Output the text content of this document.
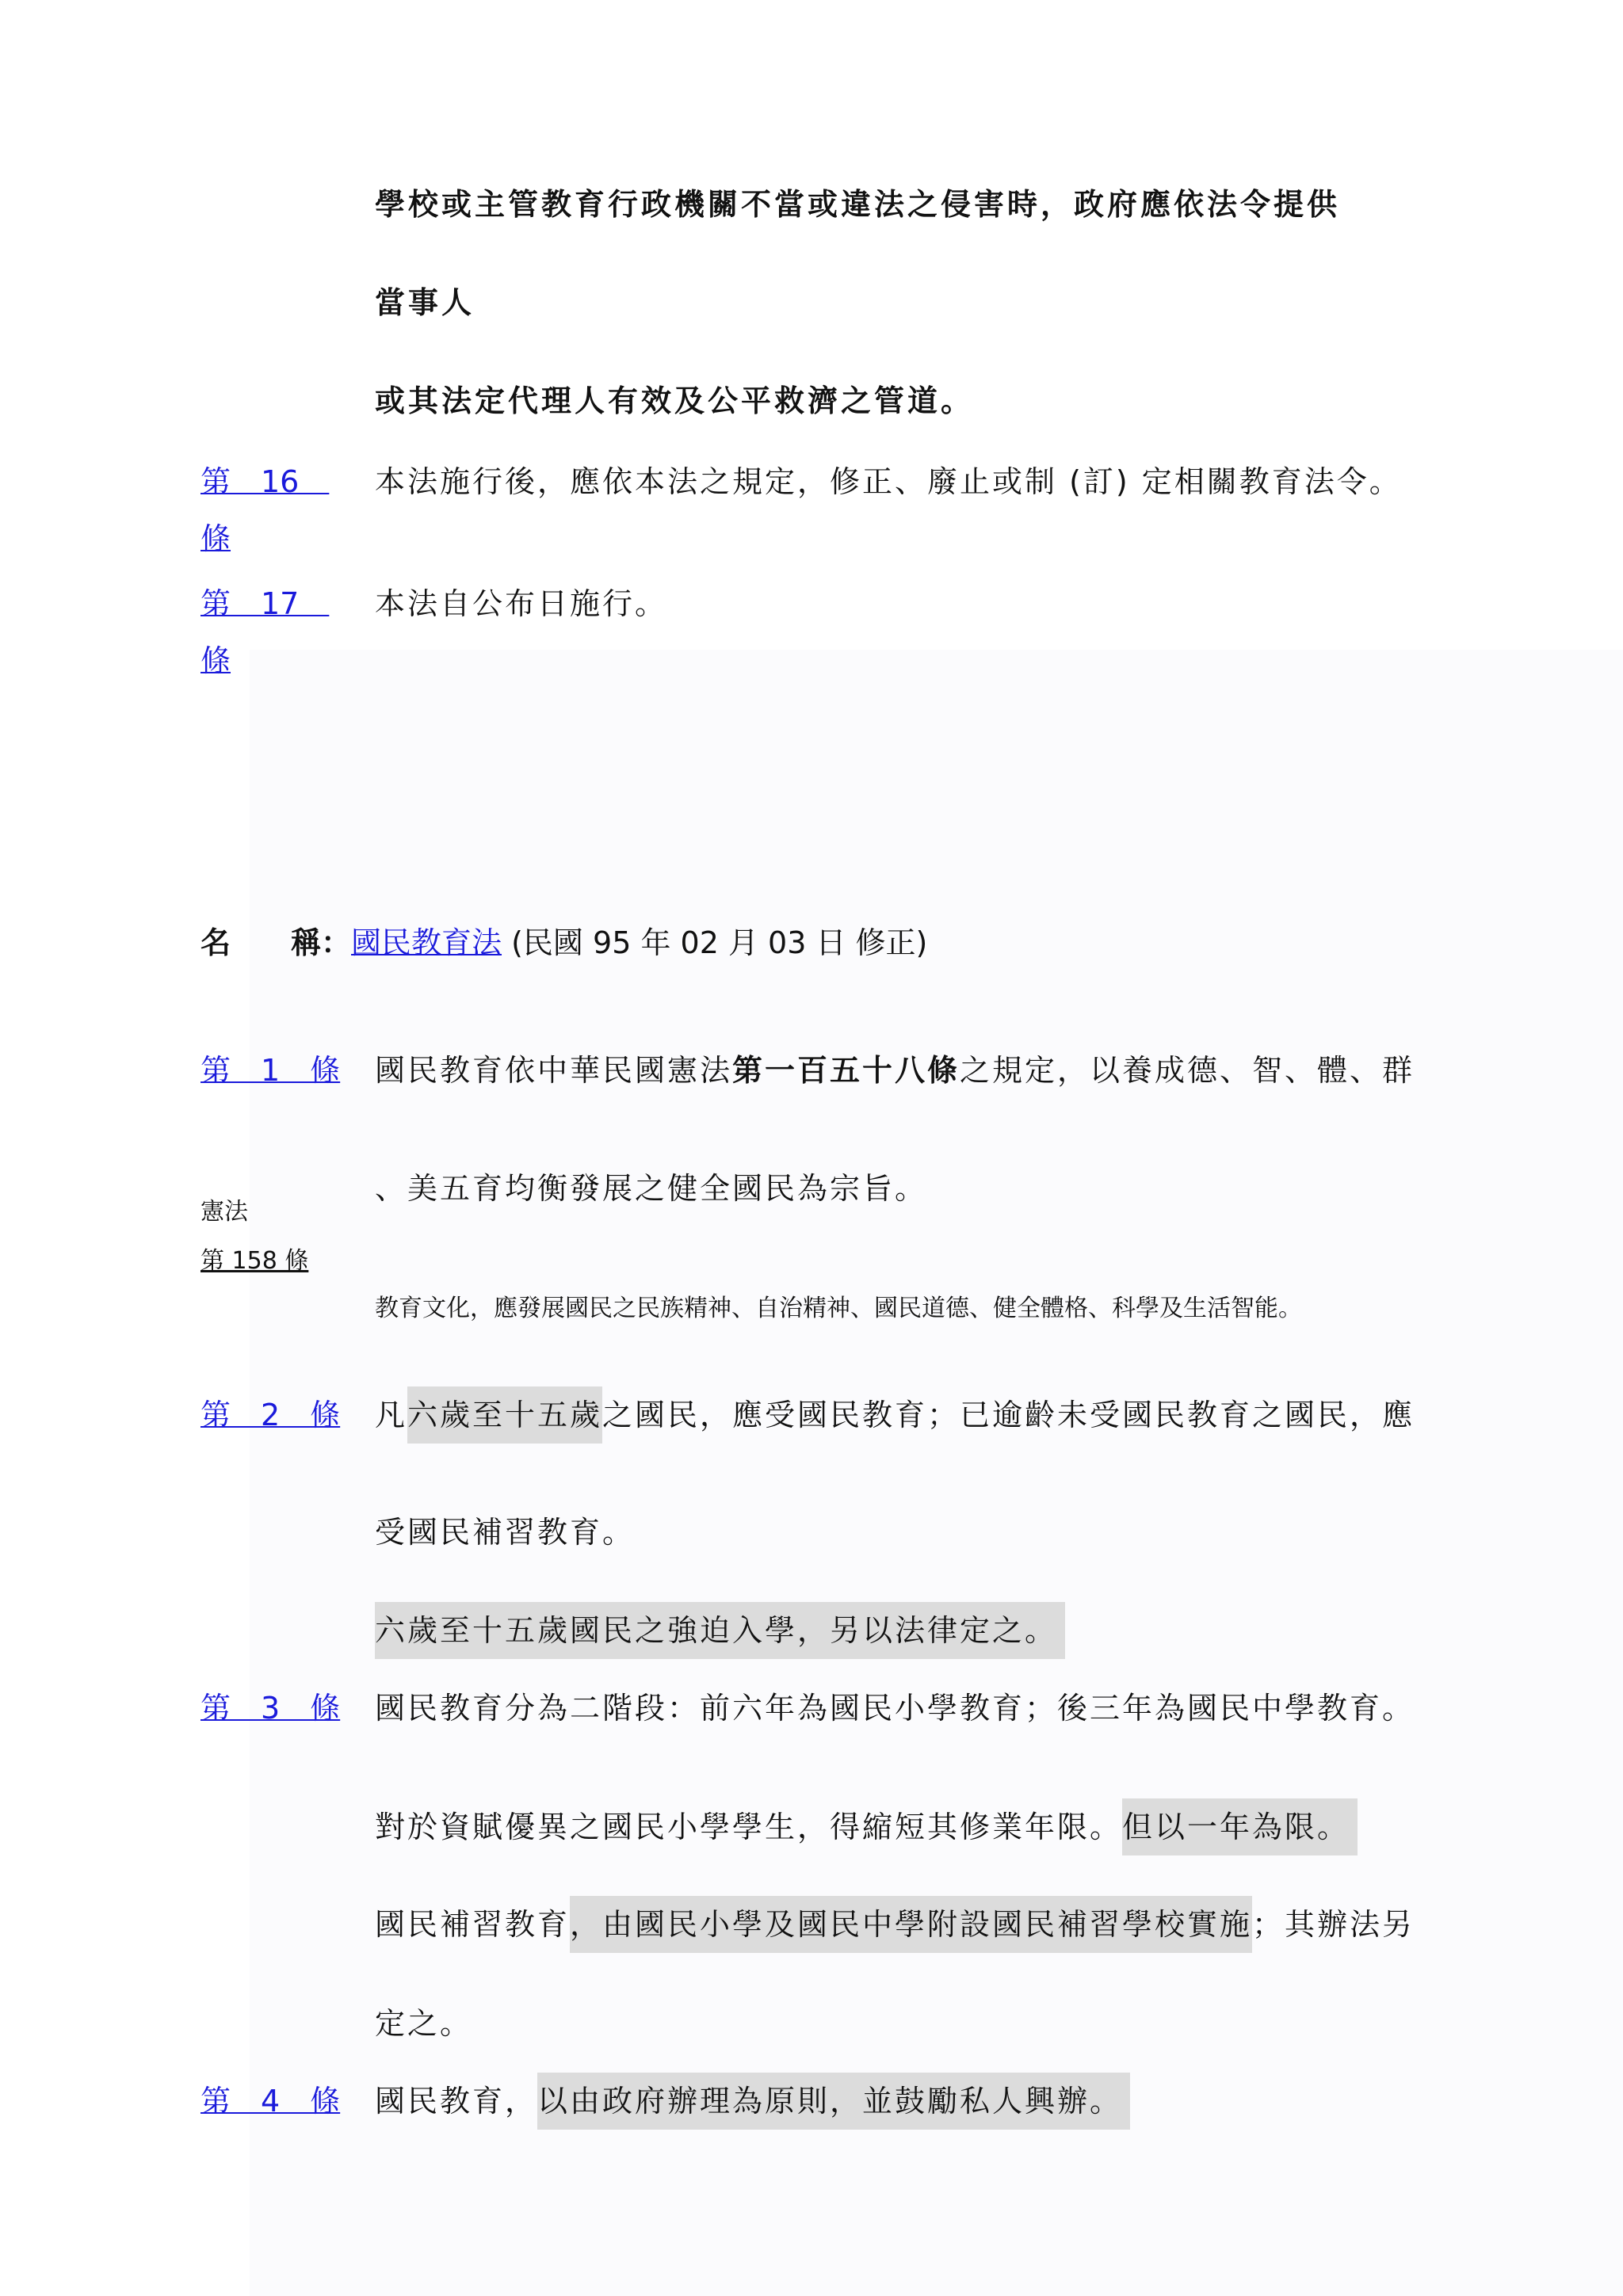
學校或主管教育行政機關不當或違法之侵害時，政府應依法令提供
當事人
或其法定代理人有效及公平救濟之管道。
第　16　
條
本法施行後，應依本法之規定，修正、廢止或制 (訂) 定相關教育法令。
第　17　
條
本法自公布日施行。
名　　稱：國民教育法 (民國 95 年 02 月 03 日 修正)
第　1　條 國民教育依中華民國憲法第一百五十八條之規定，以養成德、智、體、群
、美五育均衡發展之健全國民為宗旨。
憲法
第 158 條
教育文化，應發展國民之民族精神、自治精神、國民道德、健全體格、科學及生活智能。
第　2　條 凡六歲至十五歲之國民，應受國民教育；已逾齡未受國民教育之國民，應
受國民補習教育。
六歲至十五歲國民之強迫入學，另以法律定之。
第　3　條 國民教育分為二階段：前六年為國民小學教育；後三年為國民中學教育。
對於資賦優異之國民小學學生，得縮短其修業年限。但以一年為限。
國民補習教育，由國民小學及國民中學附設國民補習學校實施；其辦法另
定之。
第　4　條 國民教育，以由政府辦理為原則，並鼓勵私人興辦。
